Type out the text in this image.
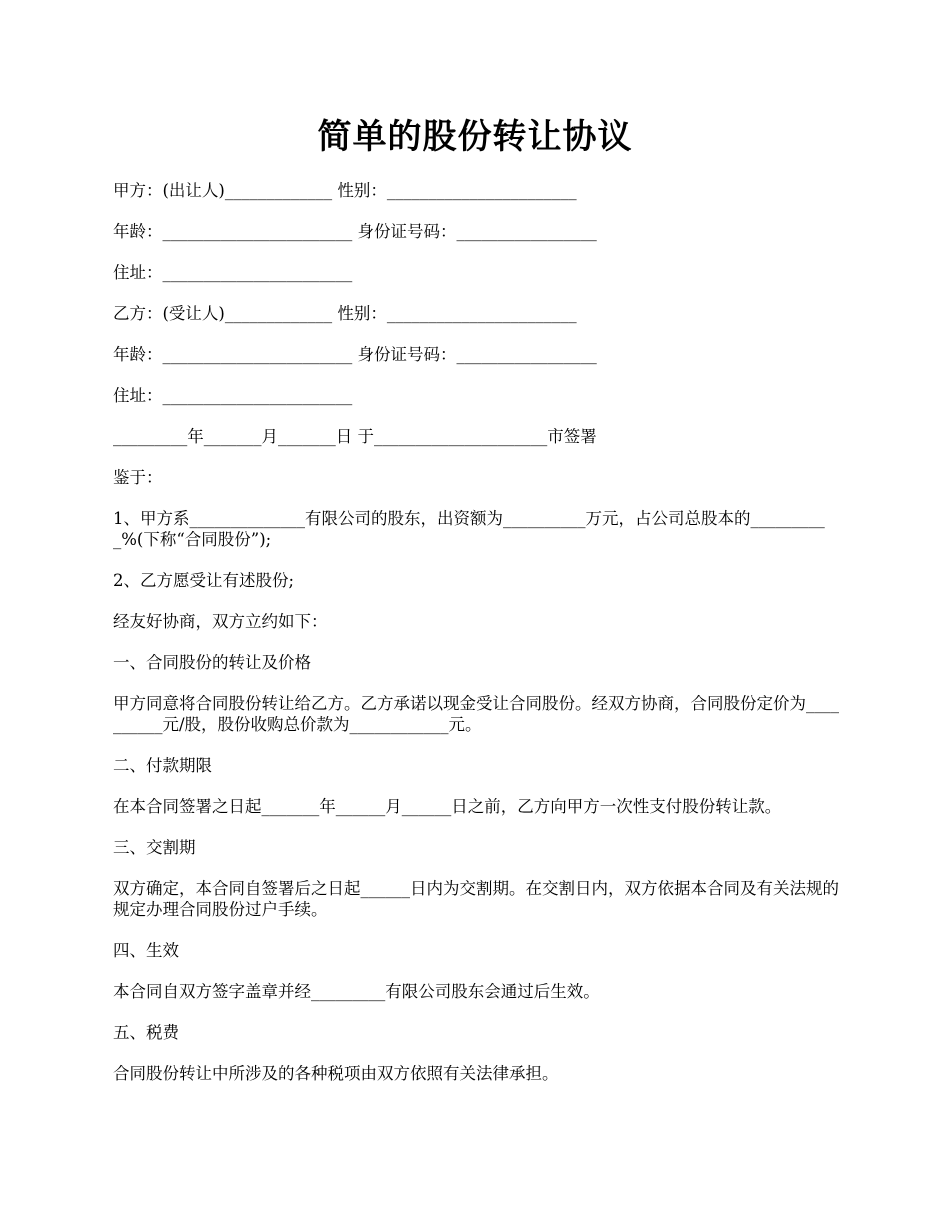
简单的股份转让协议

甲方：(出让人)_____________ 性别：_______________________

年龄：_______________________ 身份证号码：_________________

住址：_______________________

乙方：(受让人)_____________ 性别：_______________________

年龄：_______________________ 身份证号码：_________________

住址：_______________________

_________年_______月_______日 于_____________________市签署

鉴于：

1、甲方系______________有限公司的股东，出资额为__________万元，占公司总股本的__________%(下称“合同股份”);

2、乙方愿受让有述股份;

经友好协商，双方立约如下：

一、合同股份的转让及价格

甲方同意将合同股份转让给乙方。乙方承诺以现金受让合同股份。经双方协商，合同股份定价为__________元/股，股份收购总价款为____________元。

二、付款期限

在本合同签署之日起_______年______月______日之前，乙方向甲方一次性支付股份转让款。

三、交割期

双方确定，本合同自签署后之日起______日内为交割期。在交割日内，双方依据本合同及有关法规的规定办理合同股份过户手续。

四、生效

本合同自双方签字盖章并经_________有限公司股东会通过后生效。

五、税费

合同股份转让中所涉及的各种税项由双方依照有关法律承担。
